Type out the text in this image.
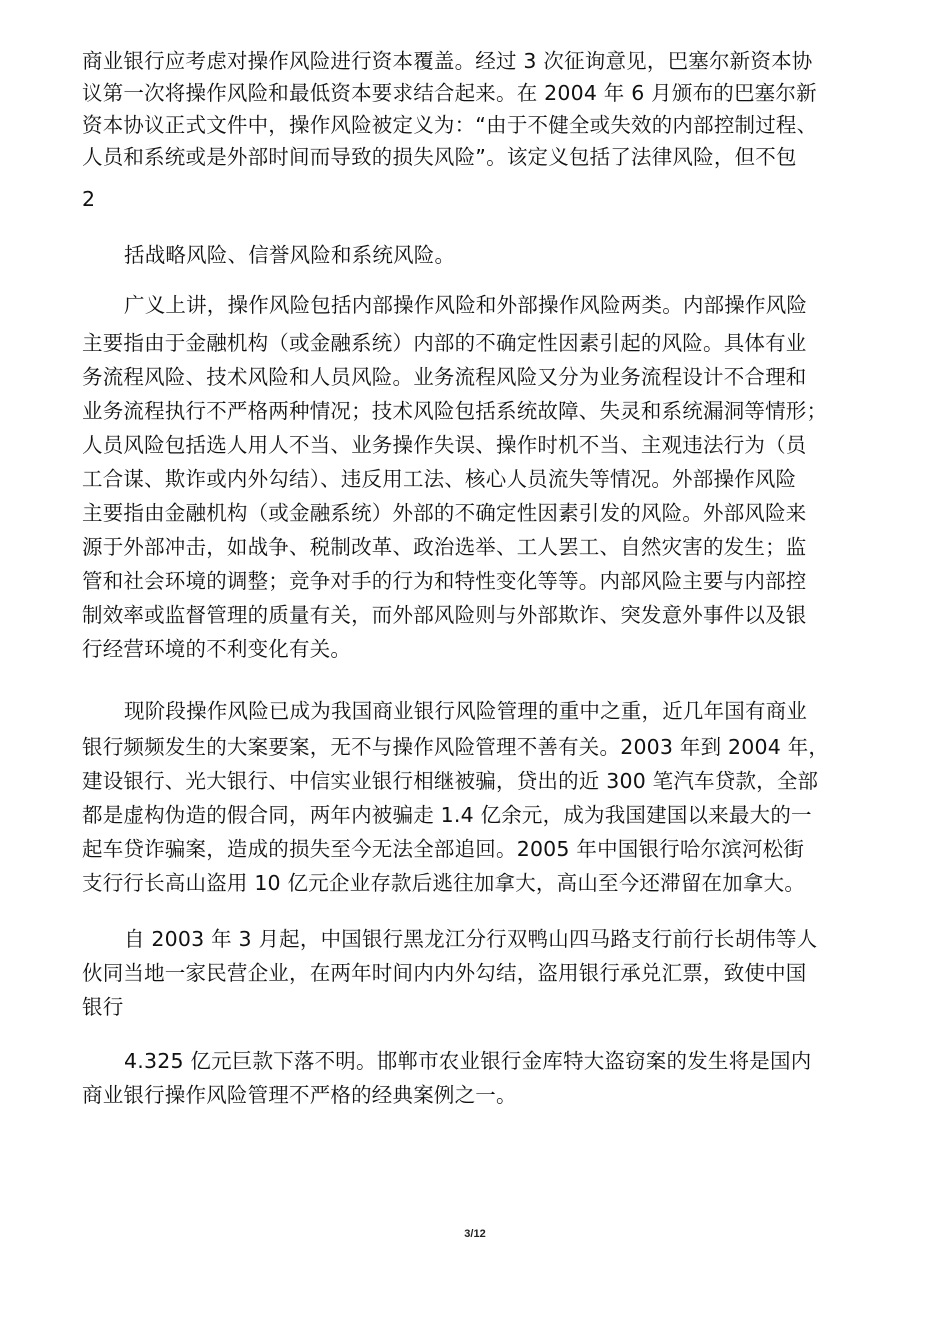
商业银行应考虑对操作风险进行资本覆盖。经过 3 次征询意见，巴塞尔新资本协
议第一次将操作风险和最低资本要求结合起来。在 2004 年 6 月颁布的巴塞尔新
资本协议正式文件中，操作风险被定义为：“由于不健全或失效的内部控制过程、
人员和系统或是外部时间而导致的损失风险”。该定义包括了法律风险，但不包
2
括战略风险、信誉风险和系统风险。
广义上讲，操作风险包括内部操作风险和外部操作风险两类。内部操作风险
主要指由于金融机构（或金融系统）内部的不确定性因素引起的风险。具体有业
务流程风险、技术风险和人员风险。业务流程风险又分为业务流程设计不合理和
业务流程执行不严格两种情况；技术风险包括系统故障、失灵和系统漏洞等情形；
人员风险包括选人用人不当、业务操作失误、操作时机不当、主观违法行为（员
工合谋、欺诈或内外勾结）、违反用工法、核心人员流失等情况。外部操作风险
主要指由金融机构（或金融系统）外部的不确定性因素引发的风险。外部风险来
源于外部冲击，如战争、税制改革、政治选举、工人罢工、自然灾害的发生；监
管和社会环境的调整；竞争对手的行为和特性变化等等。内部风险主要与内部控
制效率或监督管理的质量有关，而外部风险则与外部欺诈、突发意外事件以及银
行经营环境的不利变化有关。
现阶段操作风险已成为我国商业银行风险管理的重中之重，近几年国有商业
银行频频发生的大案要案，无不与操作风险管理不善有关。2003 年到 2004 年，
建设银行、光大银行、中信实业银行相继被骗，贷出的近 300 笔汽车贷款，全部
都是虚构伪造的假合同，两年内被骗走 1.4 亿余元，成为我国建国以来最大的一
起车贷诈骗案，造成的损失至今无法全部追回。2005 年中国银行哈尔滨河松街
支行行长高山盗用 10 亿元企业存款后逃往加拿大，高山至今还滞留在加拿大。
自 2003 年 3 月起，中国银行黑龙江分行双鸭山四马路支行前行长胡伟等人
伙同当地一家民营企业，在两年时间内内外勾结，盗用银行承兑汇票，致使中国
银行
4.325 亿元巨款下落不明。邯郸市农业银行金库特大盗窃案的发生将是国内
商业银行操作风险管理不严格的经典案例之一。
3/12
